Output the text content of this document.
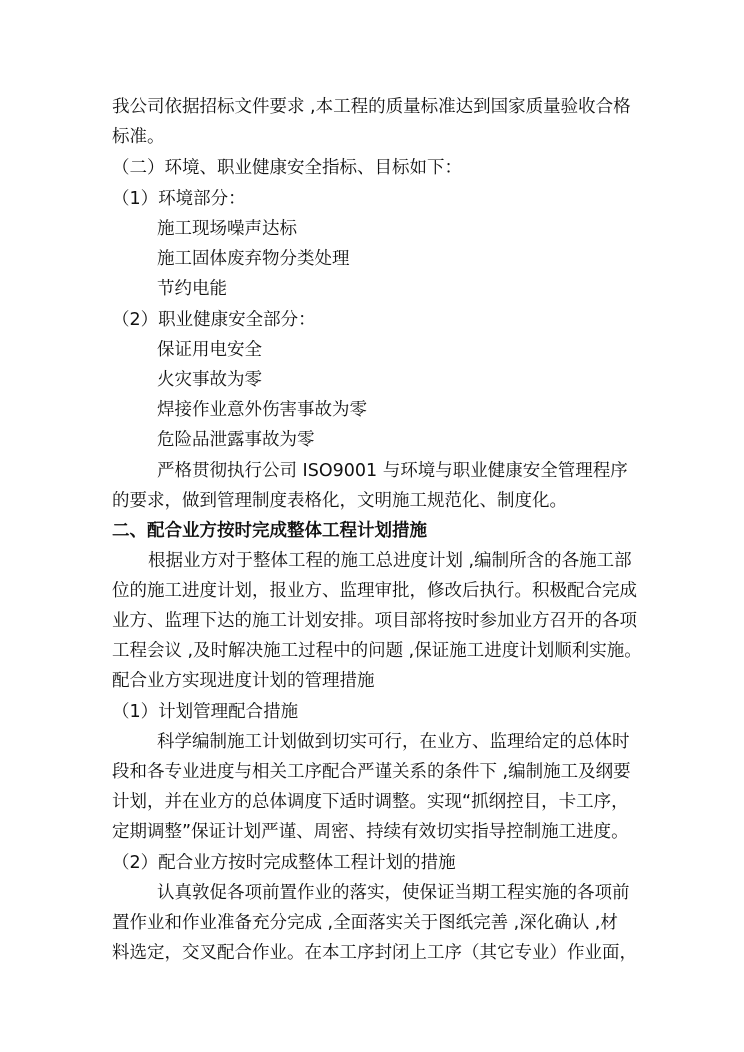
我公司依据招标文件要求 ,本工程的质量标准达到国家质量验收合格
标准。
（二）环境、职业健康安全指标、目标如下：
（1）环境部分：
施工现场噪声达标
施工固体废弃物分类处理
节约电能
（2）职业健康安全部分：
保证用电安全
火灾事故为零
焊接作业意外伤害事故为零
危险品泄露事故为零
严格贯彻执行公司 ISO9001 与环境与职业健康安全管理程序
的要求，做到管理制度表格化，文明施工规范化、制度化。
二、配合业方按时完成整体工程计划措施
根据业方对于整体工程的施工总进度计划 ,编制所含的各施工部
位的施工进度计划，报业方、监理审批，修改后执行。积极配合完成
业方、监理下达的施工计划安排。项目部将按时参加业方召开的各项
工程会议 ,及时解决施工过程中的问题 ,保证施工进度计划顺利实施。
配合业方实现进度计划的管理措施
（1）计划管理配合措施
科学编制施工计划做到切实可行，在业方、监理给定的总体时
段和各专业进度与相关工序配合严谨关系的条件下 ,编制施工及纲要
计划，并在业方的总体调度下适时调整。实现“抓纲控目，卡工序，
定期调整”保证计划严谨、周密、持续有效切实指导控制施工进度。
（2）配合业方按时完成整体工程计划的措施
认真敦促各项前置作业的落实，使保证当期工程实施的各项前
置作业和作业准备充分完成 ,全面落实关于图纸完善 ,深化确认 ,材
料选定，交叉配合作业。在本工序封闭上工序（其它专业）作业面，
